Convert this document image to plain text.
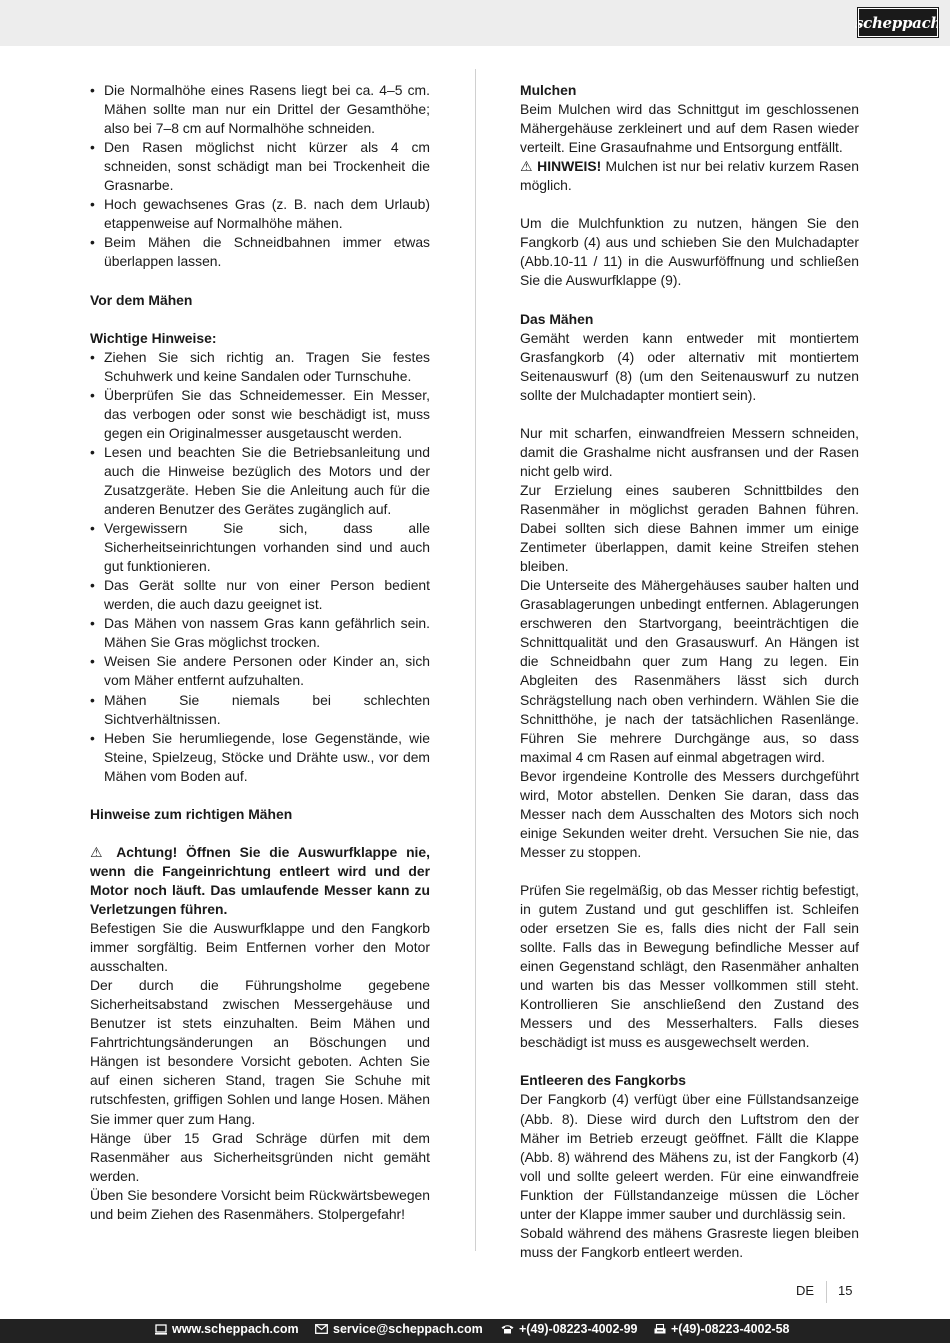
scheppach
• Die Normalhöhe eines Rasens liegt bei ca. 4–5 cm. Mähen sollte man nur ein Drittel der Gesamthöhe; also bei 7–8 cm auf Normalhöhe schneiden.
• Den Rasen möglichst nicht kürzer als 4 cm schneiden, sonst schädigt man bei Trockenheit die Grasnarbe.
• Hoch gewachsenes Gras (z. B. nach dem Urlaub) etappenweise auf Normalhöhe mähen.
• Beim Mähen die Schneidbahnen immer etwas überlappen lassen.

Vor dem Mähen

Wichtige Hinweise:

• Ziehen Sie sich richtig an. Tragen Sie festes Schuhwerk und keine Sandalen oder Turnschuhe.
• Überprüfen Sie das Schneidemesser. Ein Messer, das verbogen oder sonst wie beschädigt ist, muss gegen ein Originalmesser ausgetauscht werden.
• Lesen und beachten Sie die Betriebsanleitung und auch die Hinweise bezüglich des Motors und der Zusatzgeräte. Heben Sie die Anleitung auch für die anderen Benutzer des Gerätes zugänglich auf.
• Vergewissern Sie sich, dass alle Sicherheitseinrichtungen vorhanden sind und auch gut funktionieren.
• Das Gerät sollte nur von einer Person bedient werden, die auch dazu geeignet ist.
• Das Mähen von nassem Gras kann gefährlich sein. Mähen Sie Gras möglichst trocken.
• Weisen Sie andere Personen oder Kinder an, sich vom Mäher entfernt aufzuhalten.
• Mähen Sie niemals bei schlechten Sichtverhältnissen.
• Heben Sie herumliegende, lose Gegenstände, wie Steine, Spielzeug, Stöcke und Drähte usw., vor dem Mähen vom Boden auf.

Hinweise zum richtigen Mähen

⚠ Achtung! Öffnen Sie die Auswurfklappe nie, wenn die Fangeinrichtung entleert wird und der Motor noch läuft. Das umlaufende Messer kann zu Verletzungen führen.

Befestigen Sie die Auswurfklappe und den Fangkorb immer sorgfältig. Beim Entfernen vorher den Motor ausschalten.

Der durch die Führungsholme gegebene Sicherheitsabstand zwischen Messergehäuse und Benutzer ist stets einzuhalten. Beim Mähen und Fahrtrichtungsänderungen an Böschungen und Hängen ist besondere Vorsicht geboten. Achten Sie auf einen sicheren Stand, tragen Sie Schuhe mit rutschfesten, griffigen Sohlen und lange Hosen. Mähen Sie immer quer zum Hang.

Hänge über 15 Grad Schräge dürfen mit dem Rasenmäher aus Sicherheitsgründen nicht gemäht werden.

Üben Sie besondere Vorsicht beim Rückwärtsbewegen und beim Ziehen des Rasenmähers. Stolpergefahr!

Mulchen

Beim Mulchen wird das Schnittgut im geschlossenen Mähergehäuse zerkleinert und auf dem Rasen wieder verteilt. Eine Grasaufnahme und Entsorgung entfällt.

⚠ HINWEIS! Mulchen ist nur bei relativ kurzem Rasen möglich.

Um die Mulchfunktion zu nutzen, hängen Sie den Fangkorb (4) aus und schieben Sie den Mulchadapter (Abb.10-11 / 11) in die Auswurföffnung und schließen Sie die Auswurfklappe (9).

Das Mähen

Gemäht werden kann entweder mit montiertem Grasfangkorb (4) oder alternativ mit montiertem Seitenauswurf (8) (um den Seitenauswurf zu nutzen sollte der Mulchadapter montiert sein).

Nur mit scharfen, einwandfreien Messern schneiden, damit die Grashalme nicht ausfransen und der Rasen nicht gelb wird.

Zur Erzielung eines sauberen Schnittbildes den Rasenmäher in möglichst geraden Bahnen führen. Dabei sollten sich diese Bahnen immer um einige Zentimeter überlappen, damit keine Streifen stehen bleiben.

Die Unterseite des Mähergehäuses sauber halten und Grasablagerungen unbedingt entfernen. Ablagerungen erschweren den Startvorgang, beeinträchtigen die Schnittqualität und den Grasauswurf. An Hängen ist die Schneidbahn quer zum Hang zu legen. Ein Abgleiten des Rasenmähers lässt sich durch Schrägstellung nach oben verhindern. Wählen Sie die Schnitthöhe, je nach der tatsächlichen Rasenlänge. Führen Sie mehrere Durchgänge aus, so dass maximal 4 cm Rasen auf einmal abgetragen wird.

Bevor irgendeine Kontrolle des Messers durchgeführt wird, Motor abstellen. Denken Sie daran, dass das Messer nach dem Ausschalten des Motors sich noch einige Sekunden weiter dreht. Versuchen Sie nie, das Messer zu stoppen.

Prüfen Sie regelmäßig, ob das Messer richtig befestigt, in gutem Zustand und gut geschliffen ist. Schleifen oder ersetzen Sie es, falls dies nicht der Fall sein sollte. Falls das in Bewegung befindliche Messer auf einen Gegenstand schlägt, den Rasenmäher anhalten und warten bis das Messer vollkommen still steht. Kontrollieren Sie anschließend den Zustand des Messers und des Messerhalters. Falls dieses beschädigt ist muss es ausgewechselt werden.

Entleeren des Fangkorbs

Der Fangkorb (4) verfügt über eine Füllstandsanzeige (Abb. 8). Diese wird durch den Luftstrom den der Mäher im Betrieb erzeugt geöffnet. Fällt die Klappe (Abb. 8) während des Mähens zu, ist der Fangkorb (4) voll und sollte geleert werden. Für eine einwandfreie Funktion der Füllstandanzeige müssen die Löcher unter der Klappe immer sauber und durchlässig sein.

Sobald während des mähens Grasreste liegen bleiben muss der Fangkorb entleert werden.

DE 15
www.scheppach.com	service@scheppach.com	+(49)-08223-4002-99	+(49)-08223-4002-58
